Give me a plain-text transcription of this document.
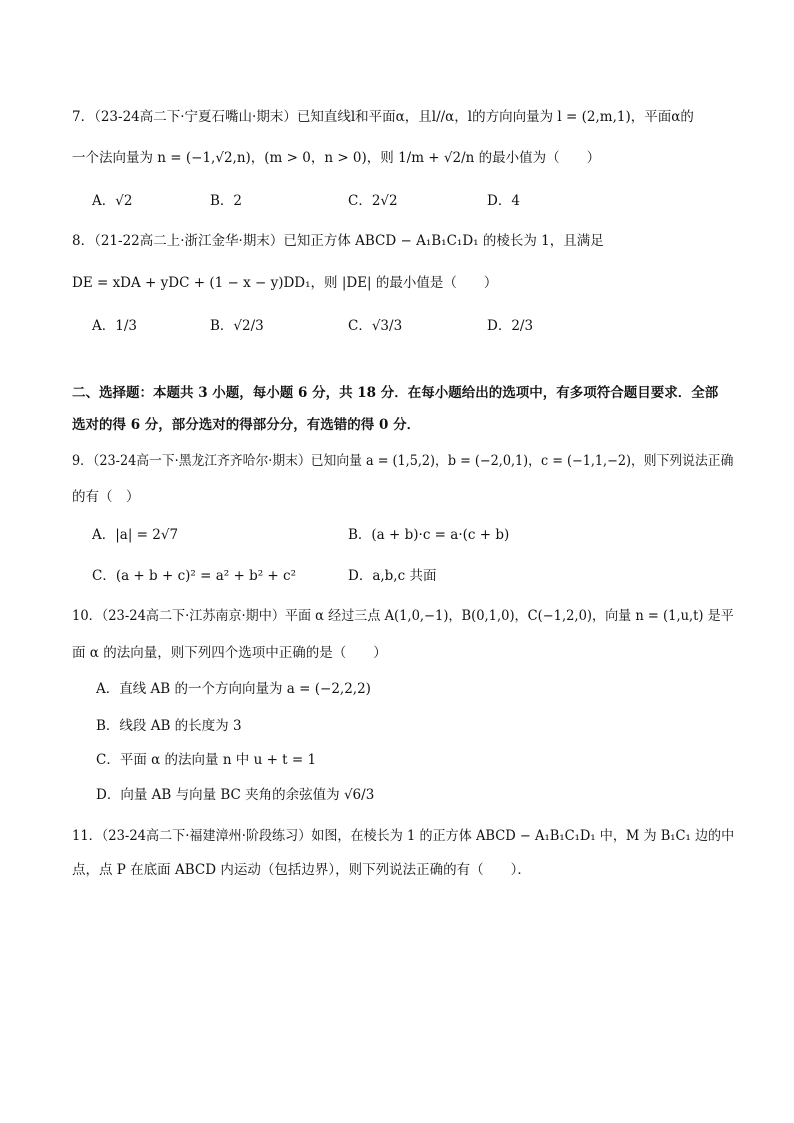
7．（23-24高二下·宁夏石嘴山·期末）已知直线l和平面α，且l//α，l的方向向量为 l = (2,m,1)，平面α的
一个法向量为 n = (−1,√2,n)，(m > 0，n > 0)，则 1/m + √2/n 的最小值为（　　）
A．√2	B．2	C．2√2	D．4
8．（21-22高二上·浙江金华·期末）已知正方体 ABCD − A₁B₁C₁D₁ 的棱长为 1，且满足
DE = xDA + yDC + (1 − x − y)DD₁，则 |DE| 的最小值是（　　）
A．1/3	B．√2/3	C．√3/3	D．2/3
二、选择题：本题共 3 小题，每小题 6 分，共 18 分．在每小题给出的选项中，有多项符合题目要求．全部
选对的得 6 分，部分选对的得部分分，有选错的得 0 分．
9．（23-24高一下·黑龙江齐齐哈尔·期末）已知向量 a = (1,5,2)，b = (−2,0,1)，c = (−1,1,−2)，则下列说法正确
的有（　）
A．|a| = 2√7	B．(a + b)·c = a·(c + b)
C．(a + b + c)² = a² + b² + c²	D．a,b,c 共面
10．（23-24高二下·江苏南京·期中）平面 α 经过三点 A(1,0,−1)，B(0,1,0)，C(−1,2,0)，向量 n = (1,u,t) 是平
面 α 的法向量，则下列四个选项中正确的是（　　）
A．直线 AB 的一个方向向量为 a = (−2,2,2)
B．线段 AB 的长度为 3
C．平面 α 的法向量 n 中 u + t = 1
D．向量 AB 与向量 BC 夹角的余弦值为 √6/3
11．（23-24高二下·福建漳州·阶段练习）如图，在棱长为 1 的正方体 ABCD − A₁B₁C₁D₁ 中，M 为 B₁C₁ 边的中
点，点 P 在底面 ABCD 内运动（包括边界），则下列说法正确的有（　　）．
